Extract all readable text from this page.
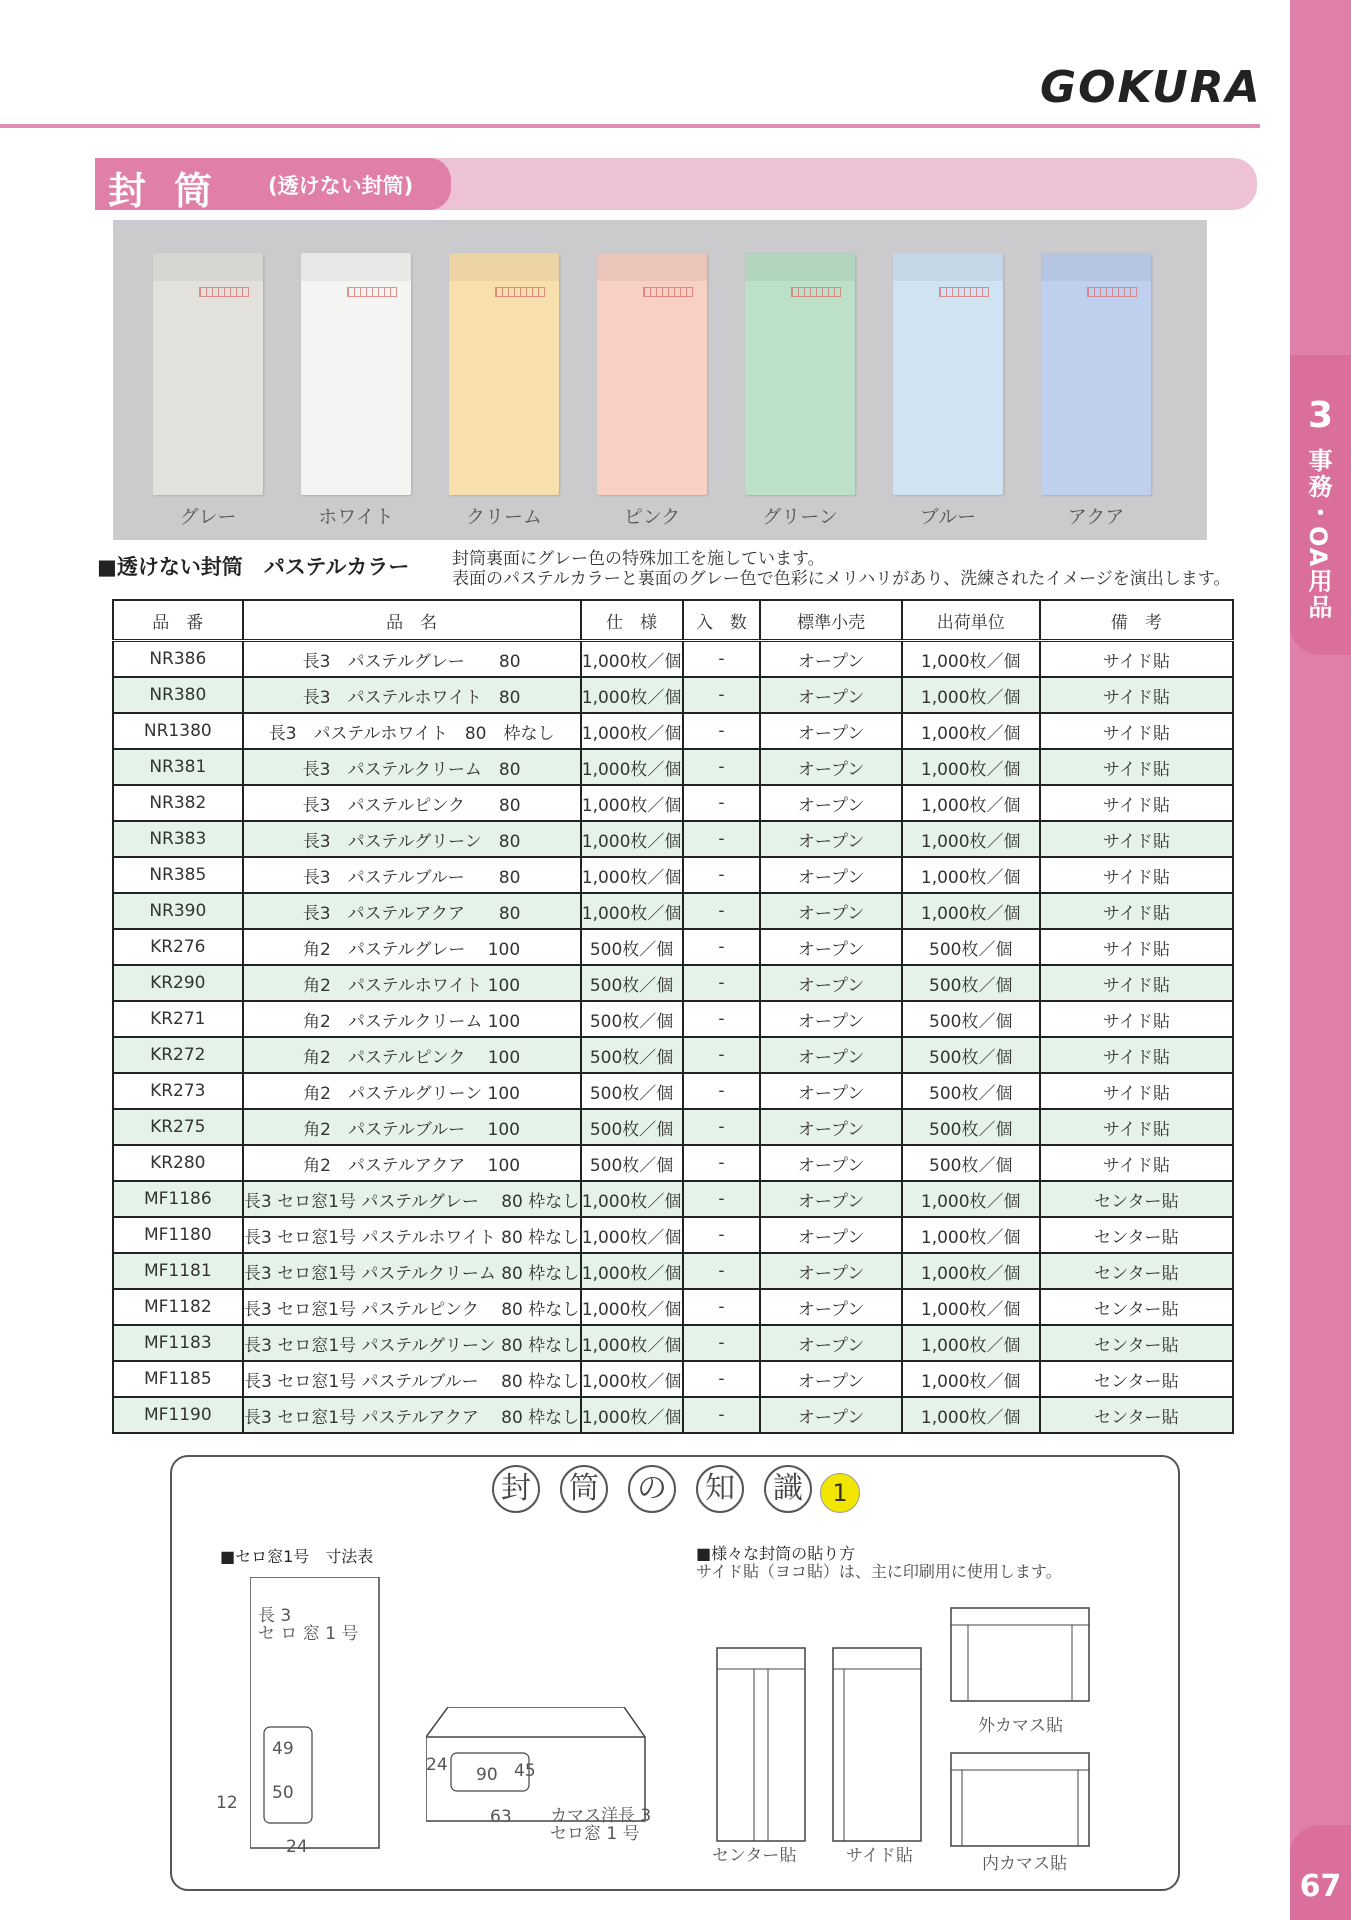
3
事務・OA用品
67
GOKURA
封筒 (透けない封筒)
グレー	ホワイト	クリーム	ピンク	グリーン	ブルー	アクア
■透けない封筒　パステルカラー	封筒裏面にグレー色の特殊加工を施しています。
表面のパステルカラーと裏面のグレー色で色彩にメリハリがあり、洗練されたイメージを演出します。
品　番	品　名	仕　様	入　数	標準小売	出荷単位	備　考
NR386	長3　パステルグレー　　80	1,000枚／個	-	オープン	1,000枚／個	サイド貼
NR380	長3　パステルホワイト　80	1,000枚／個	-	オープン	1,000枚／個	サイド貼
NR1380	長3　パステルホワイト　80　枠なし	1,000枚／個	-	オープン	1,000枚／個	サイド貼
NR381	長3　パステルクリーム　80	1,000枚／個	-	オープン	1,000枚／個	サイド貼
NR382	長3　パステルピンク　　80	1,000枚／個	-	オープン	1,000枚／個	サイド貼
NR383	長3　パステルグリーン　80	1,000枚／個	-	オープン	1,000枚／個	サイド貼
NR385	長3　パステルブルー　　80	1,000枚／個	-	オープン	1,000枚／個	サイド貼
NR390	長3　パステルアクア　　80	1,000枚／個	-	オープン	1,000枚／個	サイド貼
KR276	角2　パステルグレー　 100	500枚／個	-	オープン	500枚／個	サイド貼
KR290	角2　パステルホワイト 100	500枚／個	-	オープン	500枚／個	サイド貼
KR271	角2　パステルクリーム 100	500枚／個	-	オープン	500枚／個	サイド貼
KR272	角2　パステルピンク　 100	500枚／個	-	オープン	500枚／個	サイド貼
KR273	角2　パステルグリーン 100	500枚／個	-	オープン	500枚／個	サイド貼
KR275	角2　パステルブルー　 100	500枚／個	-	オープン	500枚／個	サイド貼
KR280	角2　パステルアクア　 100	500枚／個	-	オープン	500枚／個	サイド貼
MF1186	長3 セロ窓1号 パステルグレー　 80 枠なし	1,000枚／個	-	オープン	1,000枚／個	センター貼
MF1180	長3 セロ窓1号 パステルホワイト 80 枠なし	1,000枚／個	-	オープン	1,000枚／個	センター貼
MF1181	長3 セロ窓1号 パステルクリーム 80 枠なし	1,000枚／個	-	オープン	1,000枚／個	センター貼
MF1182	長3 セロ窓1号 パステルピンク　 80 枠なし	1,000枚／個	-	オープン	1,000枚／個	センター貼
MF1183	長3 セロ窓1号 パステルグリーン 80 枠なし	1,000枚／個	-	オープン	1,000枚／個	センター貼
MF1185	長3 セロ窓1号 パステルブルー　 80 枠なし	1,000枚／個	-	オープン	1,000枚／個	センター貼
MF1190	長3 セロ窓1号 パステルアクア　 80 枠なし	1,000枚／個	-	オープン	1,000枚／個	センター貼
封	筒	の	知	識	1
■セロ窓1号　寸法表
長 3
セ ロ 窓 1 号
49
50
12
24
24 90 45
63 カマス洋長 3
セロ窓 1 号
■様々な封筒の貼り方
サイド貼（ヨコ貼）は、主に印刷用に使用します。
センター貼	サイド貼
外カマス貼
内カマス貼
